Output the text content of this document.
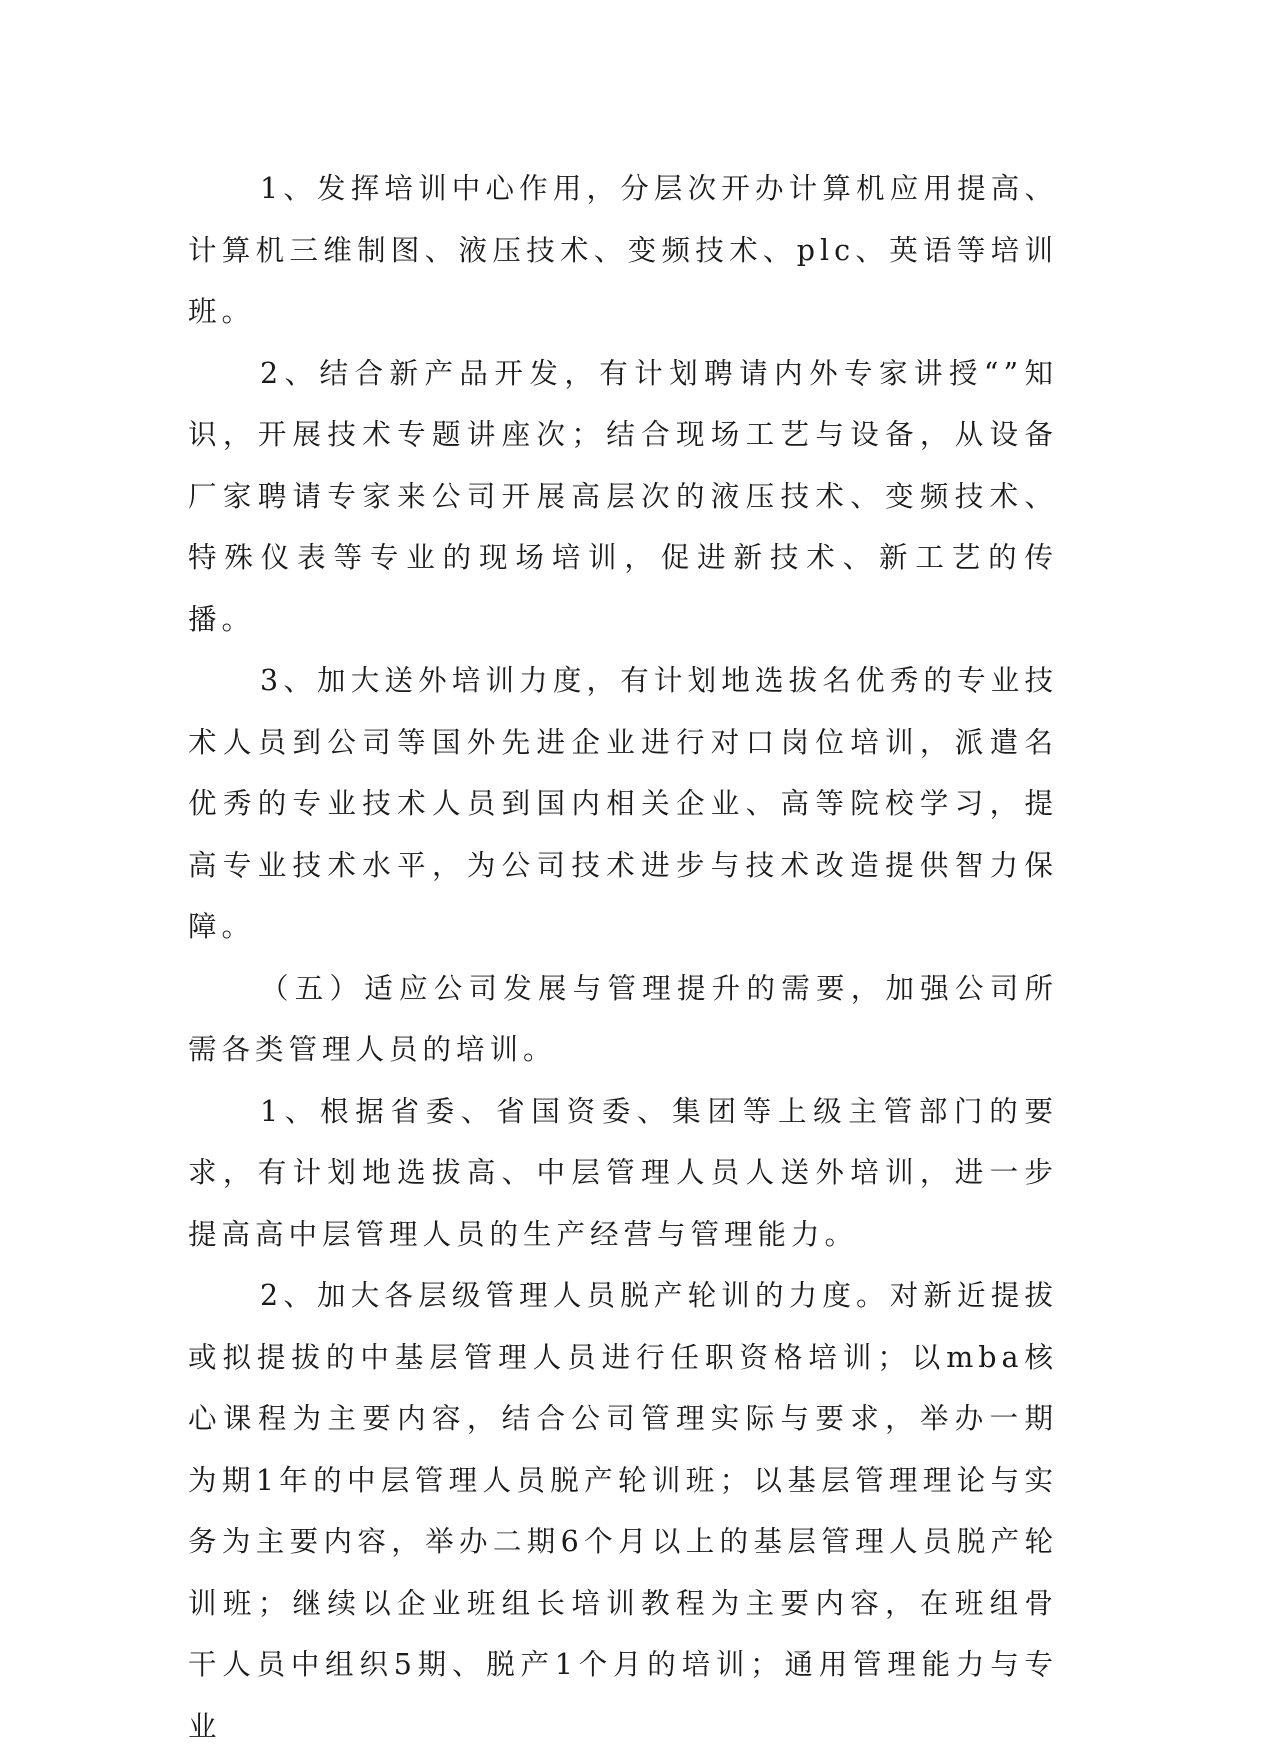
1、发挥培训中心作用，分层次开办计算机应用提高、计算机三维制图、液压技术、变频技术、plc、英语等培训班。

2、结合新产品开发，有计划聘请内外专家讲授“”知识，开展技术专题讲座次；结合现场工艺与设备，从设备厂家聘请专家来公司开展高层次的液压技术、变频技术、特殊仪表等专业的现场培训，促进新技术、新工艺的传播。

3、加大送外培训力度，有计划地选拔名优秀的专业技术人员到公司等国外先进企业进行对口岗位培训，派遣名优秀的专业技术人员到国内相关企业、高等院校学习，提高专业技术水平，为公司技术进步与技术改造提供智力保障。

（五）适应公司发展与管理提升的需要，加强公司所需各类管理人员的培训。

1、根据省委、省国资委、集团等上级主管部门的要求，有计划地选拔高、中层管理人员人送外培训，进一步提高高中层管理人员的生产经营与管理能力。

2、加大各层级管理人员脱产轮训的力度。对新近提拔或拟提拔的中基层管理人员进行任职资格培训；以mba核心课程为主要内容，结合公司管理实际与要求，举办一期为期1年的中层管理人员脱产轮训班；以基层管理理论与实务为主要内容，举办二期6个月以上的基层管理人员脱产轮训班；继续以企业班组长培训教程为主要内容，在班组骨干人员中组织5期、脱产1个月的培训；通用管理能力与专业
